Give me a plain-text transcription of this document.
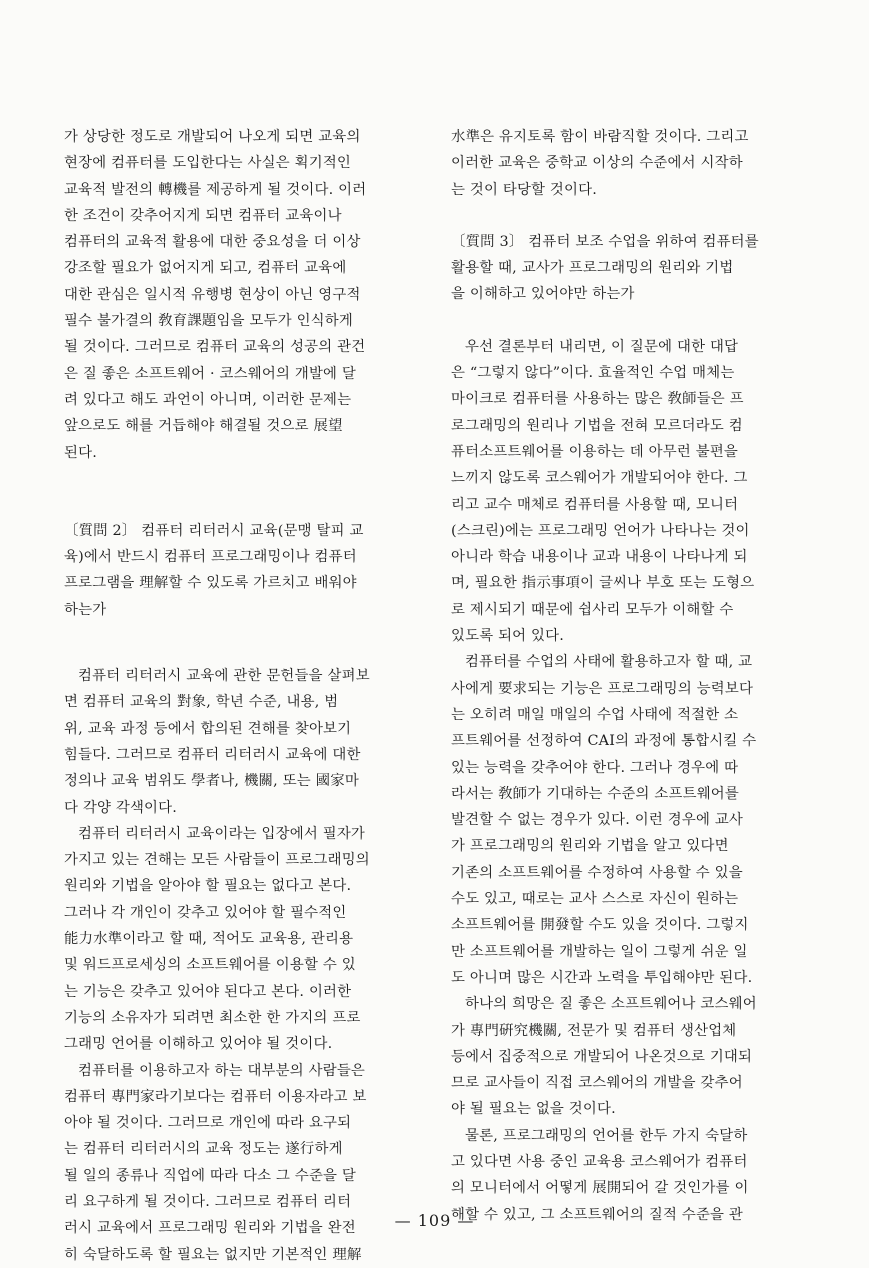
가 상당한 정도로 개발되어 나오게 되면 교육의
현장에 컴퓨터를 도입한다는 사실은 획기적인
교육적 발전의 轉機를 제공하게 될 것이다. 이러
한 조건이 갖추어지게 되면 컴퓨터 교육이나
컴퓨터의 교육적 활용에 대한 중요성을 더 이상
강조할 필요가 없어지게 되고, 컴퓨터 교육에
대한 관심은 일시적 유행병 현상이 아닌 영구적
필수 불가결의 敎育課題임을 모두가 인식하게
될 것이다. 그러므로 컴퓨터 교육의 성공의 관건
은 질 좋은 소프트웨어 · 코스웨어의 개발에 달
려 있다고 해도 과언이 아니며, 이러한 문제는
앞으로도 해를 거듭해야 해결될 것으로 展望
된다.

〔質問 2〕 컴퓨터 리터러시 교육(문맹 탈피 교
육)에서 반드시 컴퓨터 프로그래밍이나 컴퓨터
프로그램을 理解할 수 있도록 가르치고 배워야
하는가

컴퓨터 리터러시 교육에 관한 문헌들을 살펴보
면 컴퓨터 교육의 對象, 학년 수준, 내용, 범
위, 교육 과정 등에서 합의된 견해를 찾아보기
힘들다. 그러므로 컴퓨터 리터러시 교육에 대한
정의나 교육 범위도 學者나, 機關, 또는 國家마
다 각양 각색이다.

컴퓨터 리터러시 교육이라는 입장에서 필자가
가지고 있는 견해는 모든 사람들이 프로그래밍의
원리와 기법을 알아야 할 필요는 없다고 본다.
그러나 각 개인이 갖추고 있어야 할 필수적인
能力水準이라고 할 때, 적어도 교육용, 관리용
및 워드프로세싱의 소프트웨어를 이용할 수 있
는 기능은 갖추고 있어야 된다고 본다. 이러한
기능의 소유자가 되려면 최소한 한 가지의 프로
그래밍 언어를 이해하고 있어야 될 것이다.

컴퓨터를 이용하고자 하는 대부분의 사람들은
컴퓨터 專門家라기보다는 컴퓨터 이용자라고 보
아야 될 것이다. 그러므로 개인에 따라 요구되
는 컴퓨터 리터러시의 교육 정도는 遂行하게
될 일의 종류나 직업에 따라 다소 그 수준을 달
리 요구하게 될 것이다. 그러므로 컴퓨터 리터
러시 교육에서 프로그래밍 원리와 기법을 완전
히 숙달하도록 할 필요는 없지만 기본적인 理解

水準은 유지토록 함이 바람직할 것이다. 그리고
이러한 교육은 중학교 이상의 수준에서 시작하
는 것이 타당할 것이다.

〔質問 3〕 컴퓨터 보조 수업을 위하여 컴퓨터를
활용할 때, 교사가 프로그래밍의 원리와 기법
을 이해하고 있어야만 하는가

우선 결론부터 내리면, 이 질문에 대한 대답
은 “그렇지 않다”이다. 효율적인 수업 매체는
마이크로 컴퓨터를 사용하는 많은 敎師들은 프
로그래밍의 원리나 기법을 전혀 모르더라도 컴
퓨터소프트웨어를 이용하는 데 아무런 불편을
느끼지 않도록 코스웨어가 개발되어야 한다. 그
리고 교수 매체로 컴퓨터를 사용할 때, 모니터
(스크린)에는 프로그래밍 언어가 나타나는 것이
아니라 학습 내용이나 교과 내용이 나타나게 되
며, 필요한 指示事項이 글씨나 부호 또는 도형으
로 제시되기 때문에 쉽사리 모두가 이해할 수
있도록 되어 있다.

컴퓨터를 수업의 사태에 활용하고자 할 때, 교
사에게 要求되는 기능은 프로그래밍의 능력보다
는 오히려 매일 매일의 수업 사태에 적절한 소
프트웨어를 선정하여 CAI의 과정에 통합시킬 수
있는 능력을 갖추어야 한다. 그러나 경우에 따
라서는 敎師가 기대하는 수준의 소프트웨어를
발견할 수 없는 경우가 있다. 이런 경우에 교사
가 프로그래밍의 원리와 기법을 알고 있다면
기존의 소프트웨어를 수정하여 사용할 수 있을
수도 있고, 때로는 교사 스스로 자신이 원하는
소프트웨어를 開發할 수도 있을 것이다. 그렇지
만 소프트웨어를 개발하는 일이 그렇게 쉬운 일
도 아니며 많은 시간과 노력을 투입해야만 된다.

하나의 희망은 질 좋은 소프트웨어나 코스웨어
가 專門硏究機關, 전문가 및 컴퓨터 생산업체
등에서 집중적으로 개발되어 나온것으로 기대되
므로 교사들이 직접 코스웨어의 개발을 갖추어
야 될 필요는 없을 것이다.

물론, 프로그래밍의 언어를 한두 가지 숙달하
고 있다면 사용 중인 교육용 코스웨어가 컴퓨터
의 모니터에서 어떻게 展開되어 갈 것인가를 이
해할 수 있고, 그 소프트웨어의 질적 수준을 관

— 109 —
